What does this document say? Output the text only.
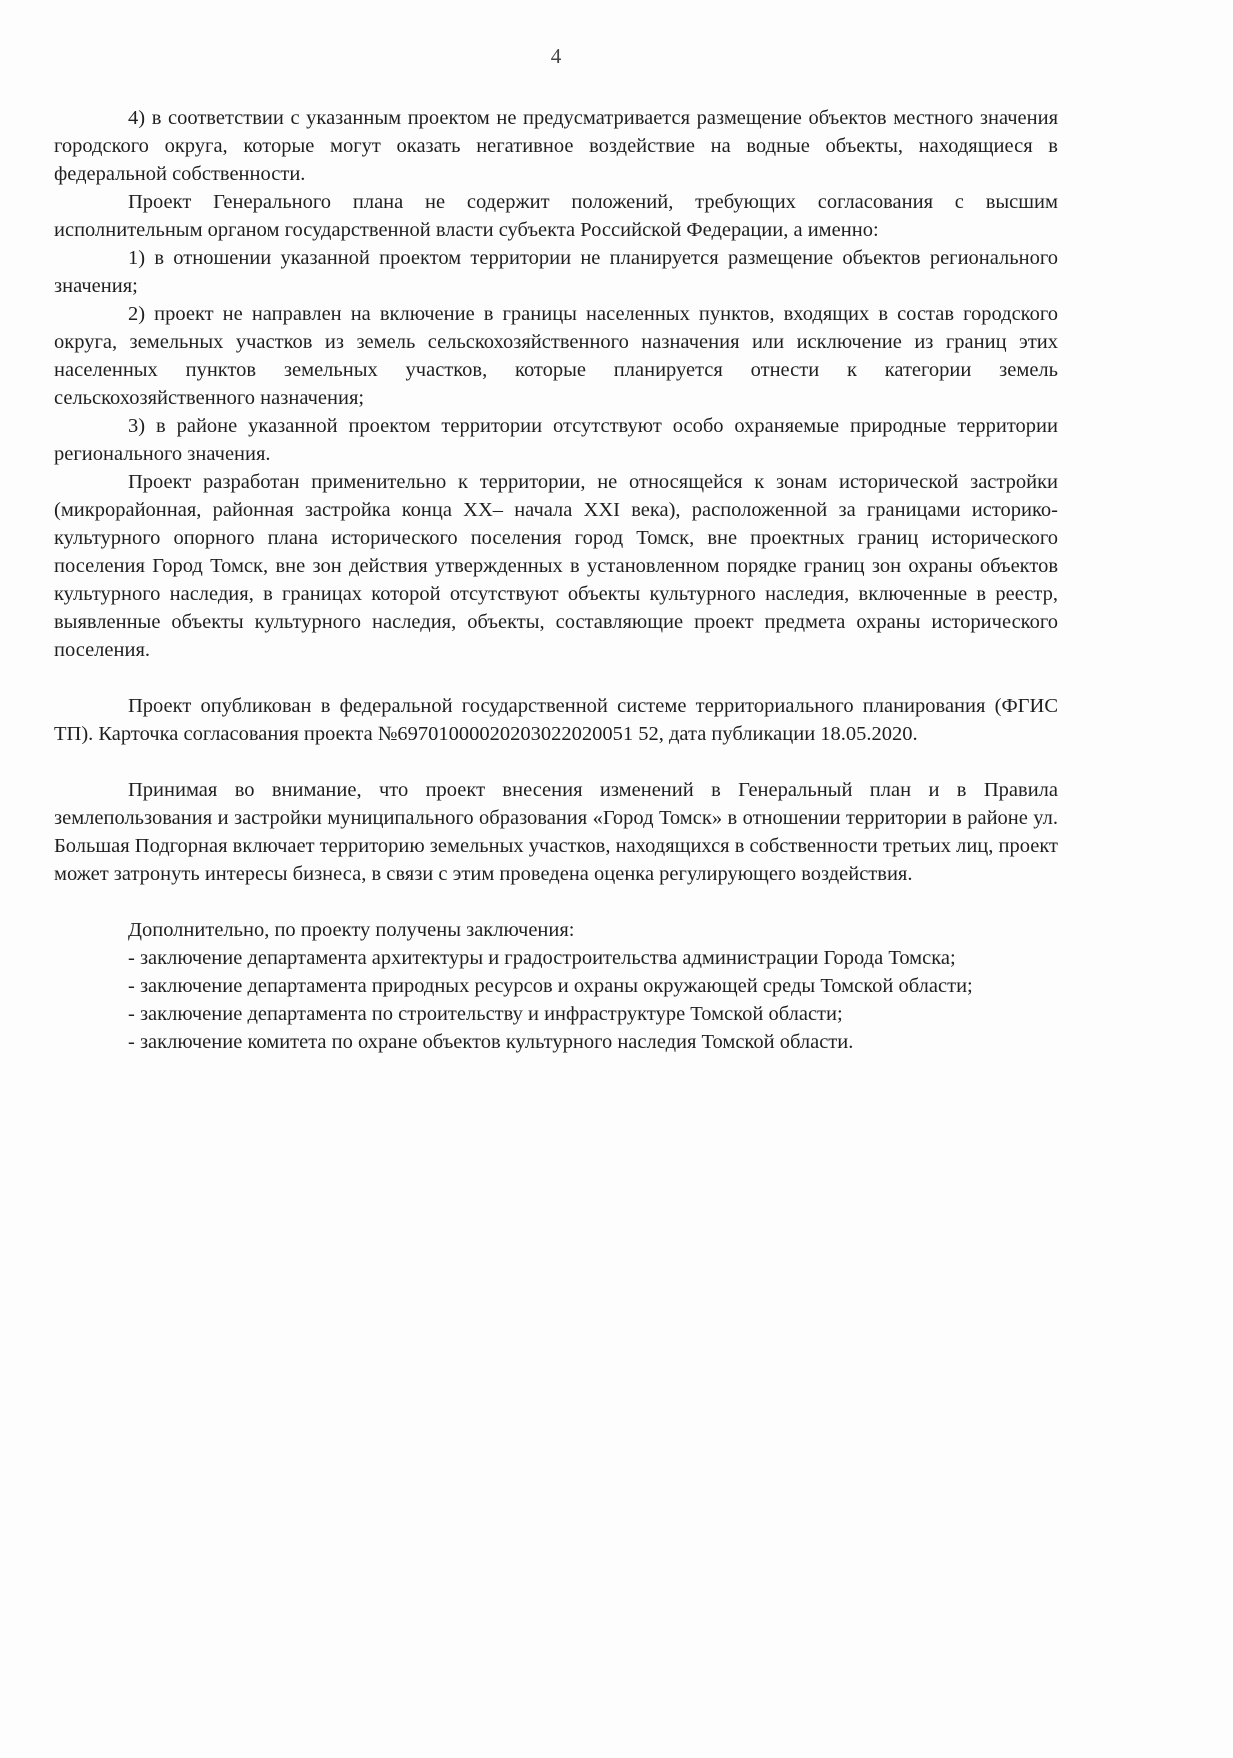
4

4) в соответствии с указанным проектом не предусматривается размещение объектов местного значения городского округа, которые могут оказать негативное воздействие на водные объекты, находящиеся в федеральной собственности.

Проект Генерального плана не содержит положений, требующих согласования с высшим исполнительным органом государственной власти субъекта Российской Федерации, а именно:

1) в отношении указанной проектом территории не планируется размещение объектов регионального значения;

2) проект не направлен на включение в границы населенных пунктов, входящих в состав городского округа, земельных участков из земель сельскохозяйственного назначения или исключение из границ этих населенных пунктов земельных участков, которые планируется отнести к категории земель сельскохозяйственного назначения;

3) в районе указанной проектом территории отсутствуют особо охраняемые природные территории регионального значения.

Проект разработан применительно к территории, не относящейся к зонам исторической застройки (микрорайонная, районная застройка конца XX– начала XXI века), расположенной за границами историко-культурного опорного плана исторического поселения город Томск, вне проектных границ исторического поселения Город Томск, вне зон действия утвержденных в установленном порядке границ зон охраны объектов культурного наследия, в границах которой отсутствуют объекты культурного наследия, включенные в реестр, выявленные объекты культурного наследия, объекты, составляющие проект предмета охраны исторического поселения.

Проект опубликован в федеральной государственной системе территориального планирования (ФГИС ТП). Карточка согласования проекта №69701000020203022020051 52, дата публикации 18.05.2020.

Принимая во внимание, что проект внесения изменений в Генеральный план и в Правила землепользования и застройки муниципального образования «Город Томск» в отношении территории в районе ул. Большая Подгорная включает территорию земельных участков, находящихся в собственности третьих лиц, проект может затронуть интересы бизнеса, в связи с этим проведена оценка регулирующего воздействия.

Дополнительно, по проекту получены заключения:

- заключение департамента архитектуры и градостроительства администрации Города Томска;

- заключение департамента природных ресурсов и охраны окружающей среды Томской области;

- заключение департамента по строительству и инфраструктуре Томской области;

- заключение комитета по охране объектов культурного наследия Томской области.
